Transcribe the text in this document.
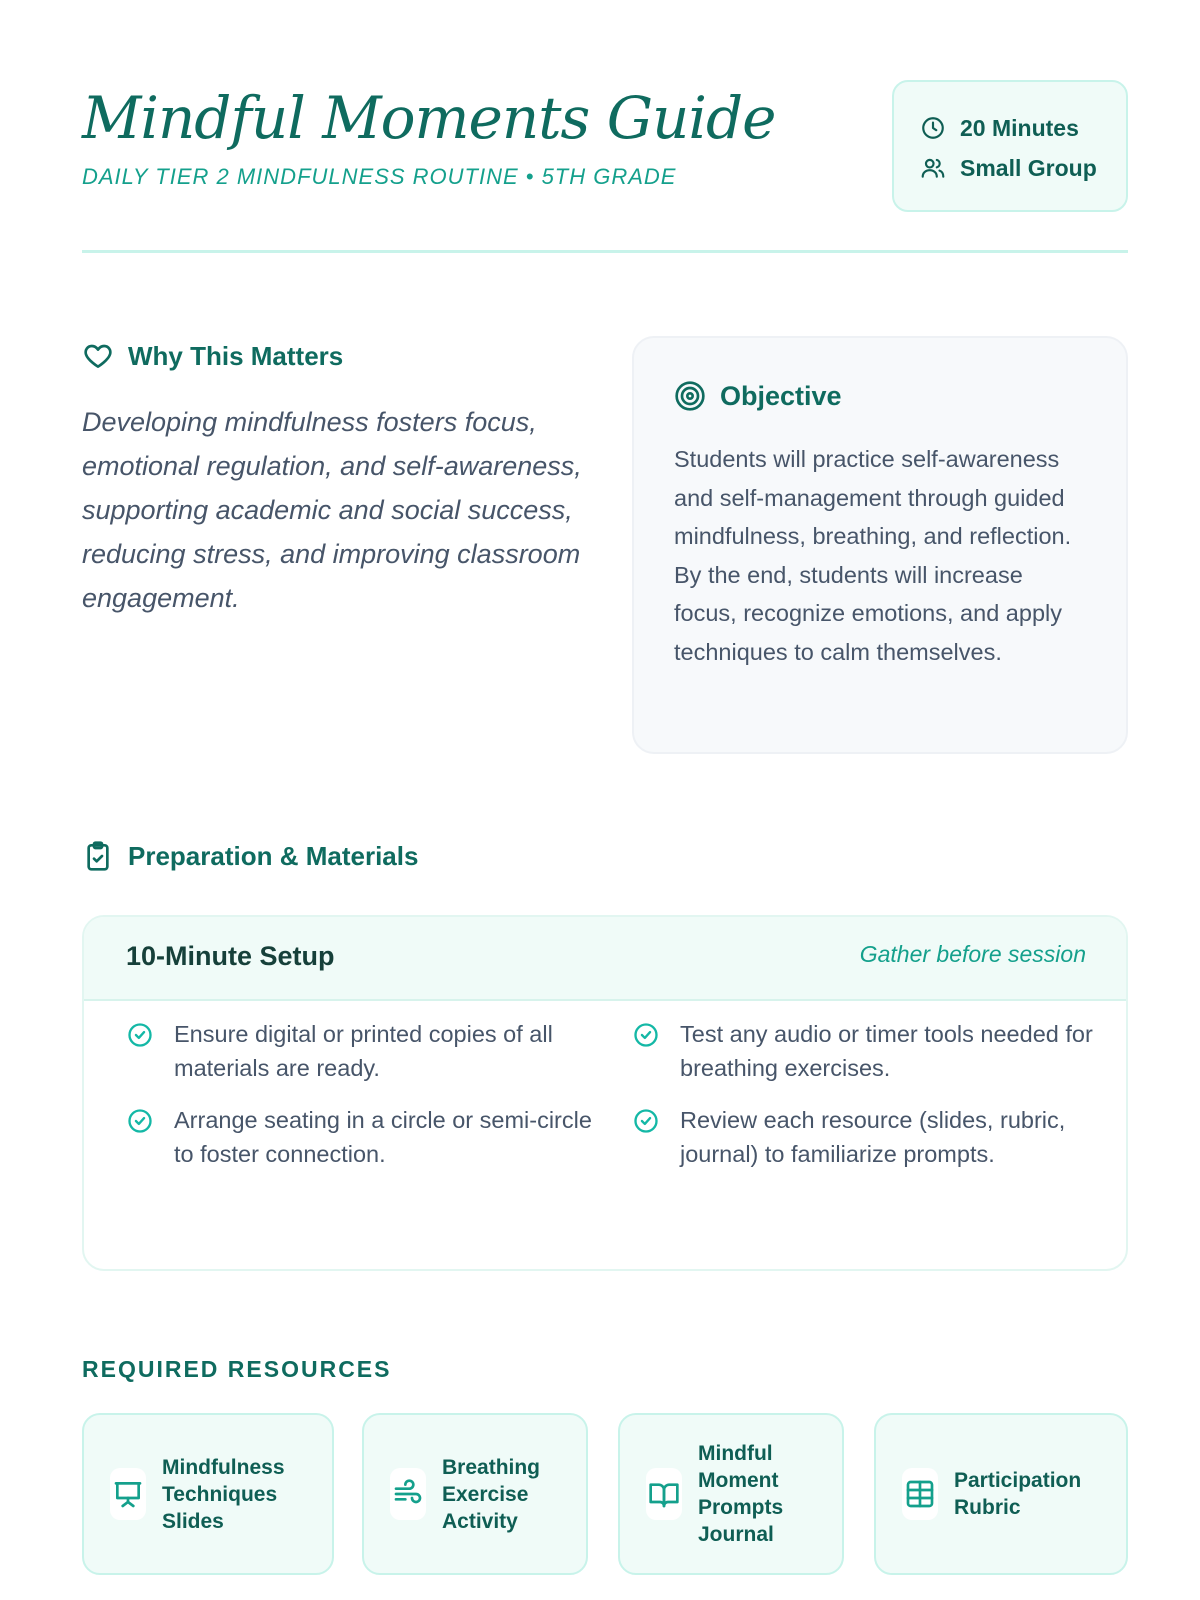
Mindful Moments Guide
DAILY TIER 2 MINDFULNESS ROUTINE • 5TH GRADE
20 Minutes
Small Group
Why This Matters

Developing mindfulness fosters focus, emotional regulation, and self-awareness, supporting academic and social success, reducing stress, and improving classroom engagement.

Objective

Students will practice self-awareness and self-management through guided mindfulness, breathing, and reflection. By the end, students will increase focus, recognize emotions, and apply techniques to calm themselves.

Preparation & Materials
10-Minute Setup	Gather before session
Ensure digital or printed copies of all materials are ready.
Test any audio or timer tools needed for breathing exercises.
Arrange seating in a circle or semi-circle to foster connection.
Review each resource (slides, rubric, journal) to familiarize prompts.
REQUIRED RESOURCES
Mindfulness Techniques Slides
Breathing Exercise Activity
Mindful Moment Prompts Journal
Participation Rubric
